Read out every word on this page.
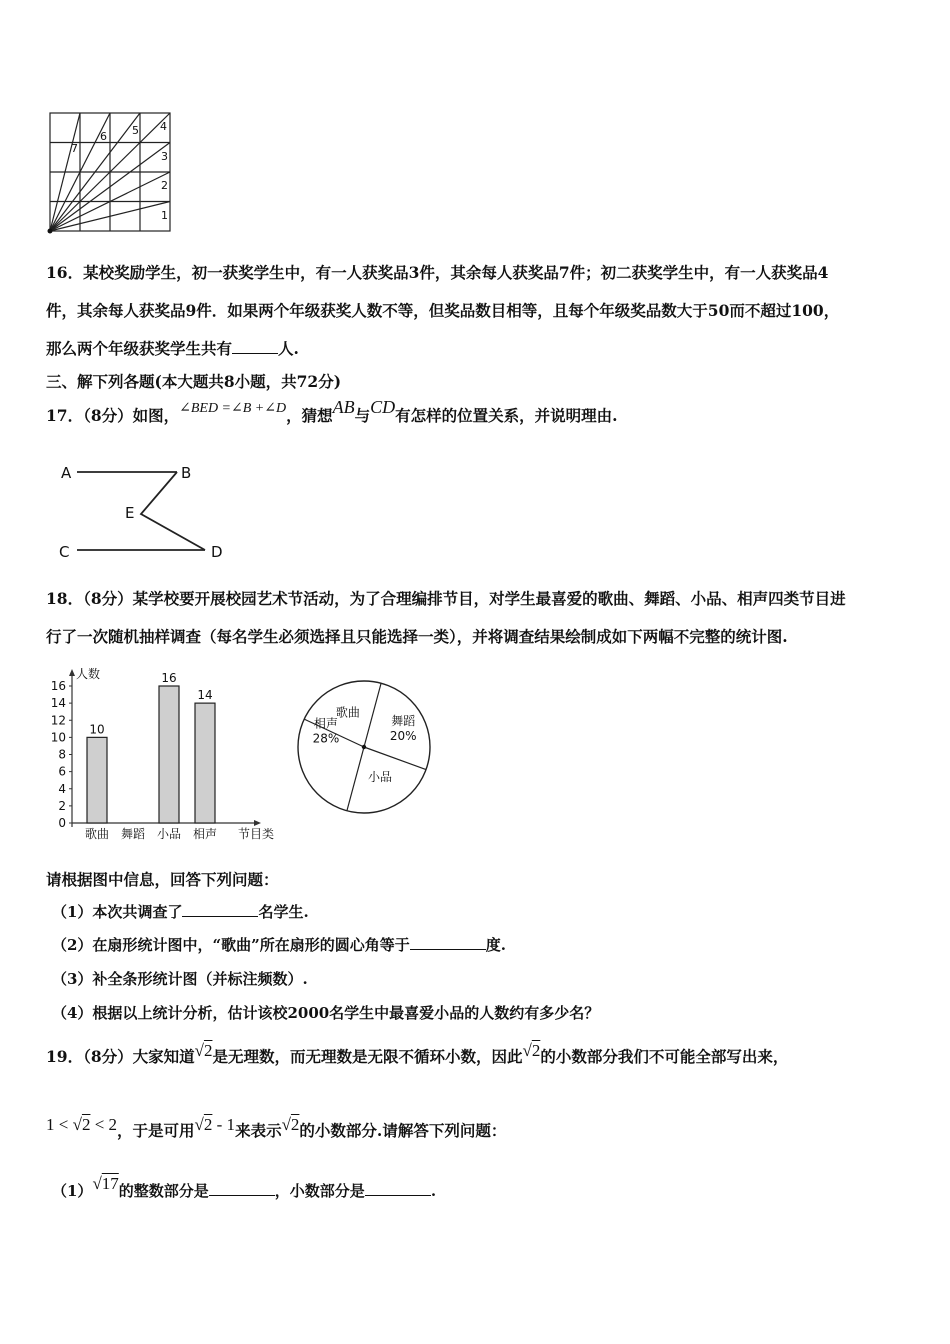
7
6 5 4
3
2
1
16．某校奖励学生，初一获奖学生中，有一人获奖品3件，其余每人获奖品7件；初二获奖学生中，有一人获奖品4
件，其余每人获奖品9件．如果两个年级获奖人数不等，但奖品数目相等，且每个年级奖品数大于50而不超过100，
那么两个年级获奖学生共有	人.
三、解下列各题(本大题共8小题，共72分)
17．（8分）如图，∠BED =∠B +∠D，猜想AB与CD有怎样的位置关系，并说明理由.
A	B
E
C	D
18．（8分）某学校要开展校园艺术节活动，为了合理编排节目，对学生最喜爱的歌曲、舞蹈、小品、相声四类节目进
行了一次随机抽样调查（每名学生必须选择且只能选择一类），并将调查结果绘制成如下两幅不完整的统计图.
人数
0
2
4
6
8
10
12
14
16
10
歌曲 舞蹈
16
小品
14
相声 节目类
歌曲
舞蹈
20%
小品
相声
28%
请根据图中信息，回答下列问题：
（1）本次共调查了	名学生.
（2）在扇形统计图中，“歌曲”所在扇形的圆心角等于	度.
（3）补全条形统计图（并标注频数）.
（4）根据以上统计分析，估计该校2000名学生中最喜爱小品的人数约有多少名？
19．（8分）大家知道√2是无理数，而无理数是无限不循环小数，因此√2的小数部分我们不可能全部写出来，
1 < √2 < 2，于是可用√2 - 1来表示√2的小数部分.请解答下列问题：
（1）√17的整数部分是	，小数部分是	.
